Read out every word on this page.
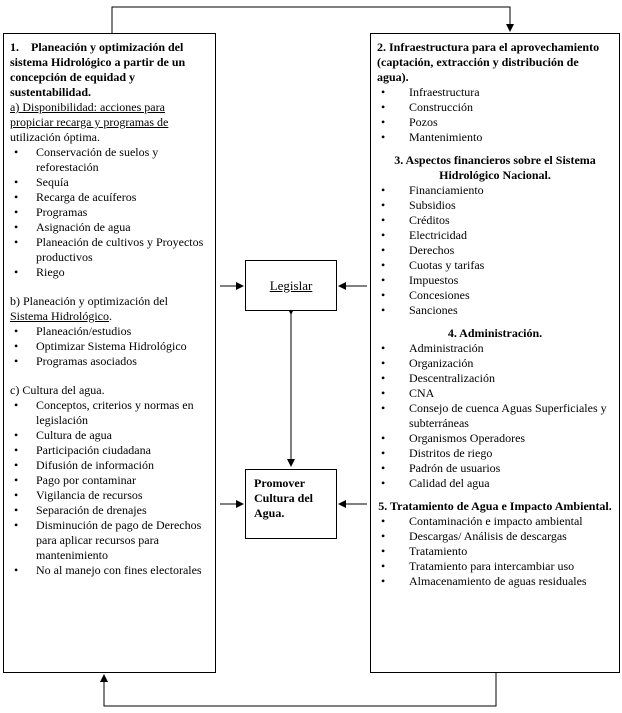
1.    Planeación y optimización del sistema Hidrológico a partir de un concepción de equidad y sustentabilidad.
a) Disponibilidad: acciones para propiciar recarga y programas de
utilización óptima.
• Conservación de suelos y reforestación
• Sequía
• Recarga de acuíferos
• Programas
• Asignación de agua
• Planeación de cultivos y Proyectos productivos
• Riego
b) Planeación y optimización del
Sistema Hidrológico.
• Planeación/estudios
• Optimizar Sistema Hidrológico
• Programas asociados
c) Cultura del agua.
• Conceptos, criterios y normas en legislación
• Cultura de agua
• Participación ciudadana
• Difusión de información
• Pago por contaminar
• Vigilancia de recursos
• Separación de drenajes
• Disminución de pago de Derechos para aplicar recursos para mantenimiento
• No al manejo con fines electorales
Legislar
Promover Cultura del Agua.
2. Infraestructura para el aprovechamiento (captación, extracción y distribución de agua).
• Infraestructura
• Construcción
• Pozos
• Mantenimiento
3. Aspectos financieros sobre el Sistema Hidrológico Nacional.
• Financiamiento
• Subsidios
• Créditos
• Electricidad
• Derechos
• Cuotas y tarifas
• Impuestos
• Concesiones
• Sanciones
4. Administración.
• Administración
• Organización
• Descentralización
• CNA
• Consejo de cuenca Aguas Superficiales y subterráneas
• Organismos Operadores
• Distritos de riego
• Padrón de usuarios
• Calidad del agua
5. Tratamiento de Agua e Impacto Ambiental.
• Contaminación e impacto ambiental
• Descargas/ Análisis de descargas
• Tratamiento
• Tratamiento para intercambiar uso
• Almacenamiento de aguas residuales
